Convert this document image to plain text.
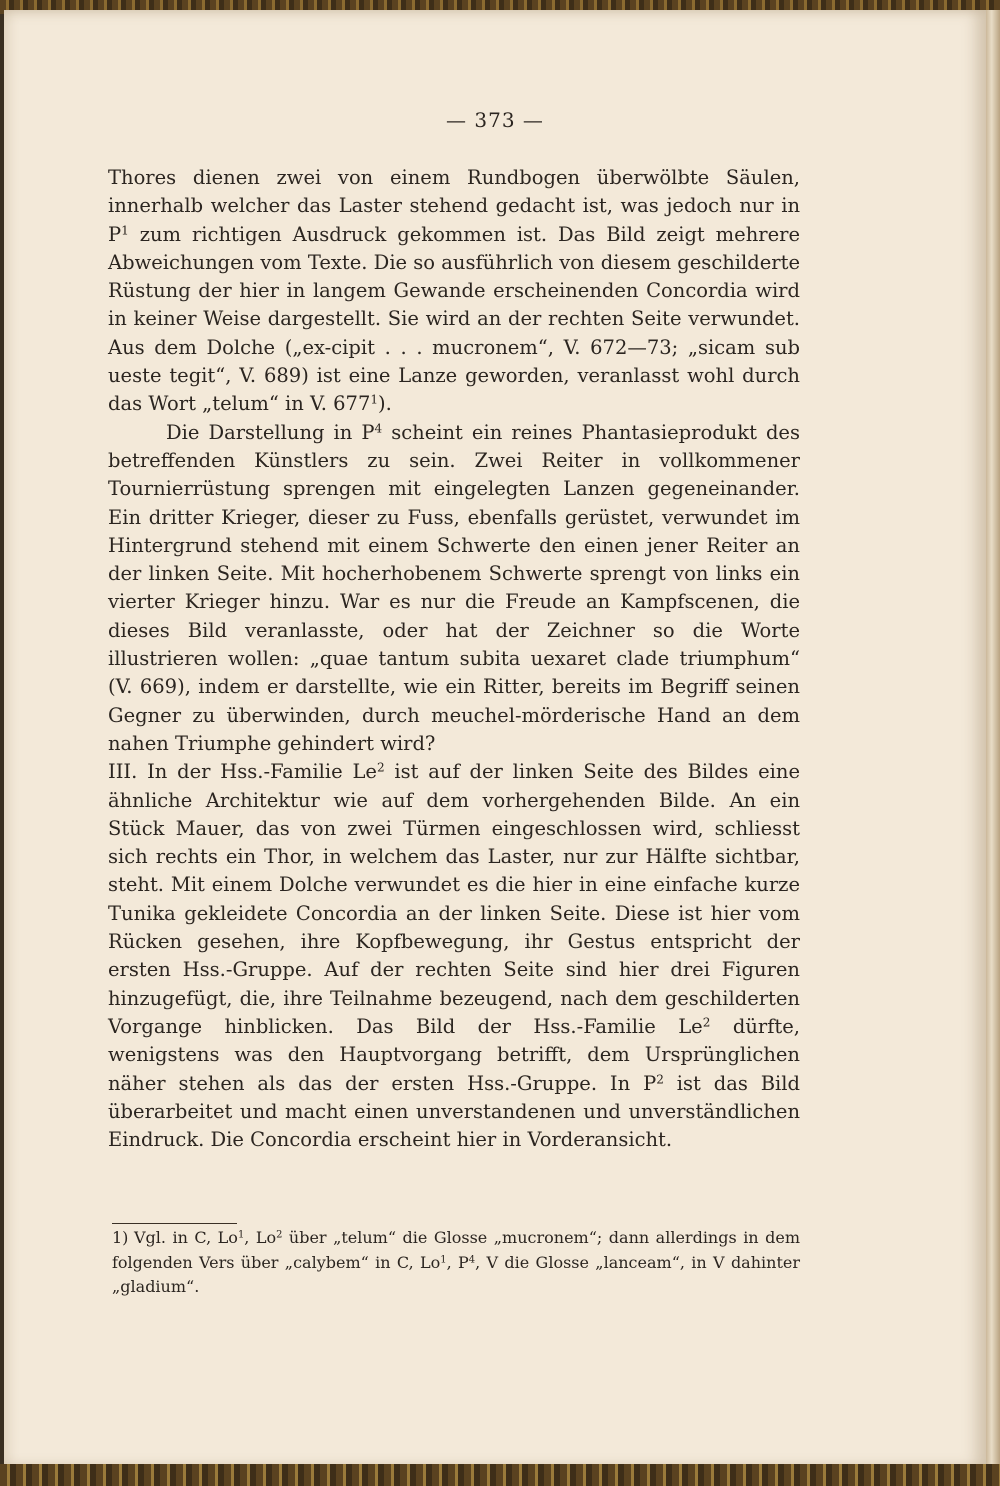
— 373 —

Thores dienen zwei von einem Rundbogen überwölbte Säulen, innerhalb welcher das Laster stehend gedacht ist, was jedoch nur in $P^1$ zum richtigen Ausdruck gekommen ist. Das Bild zeigt mehrere Abweichungen vom Texte. Die so ausführlich von diesem geschilderte Rüstung der hier in langem Gewande erscheinenden Concordia wird in keiner Weise dargestellt. Sie wird an der rechten Seite verwundet. Aus dem Dolche („ex-cipit . . . mucronem“, V. 672—73; „sicam sub ueste tegit“, V. 689) ist eine Lanze geworden, veranlasst wohl durch das Wort „telum“ in V. $677^1$).

Die Darstellung in $P^4$ scheint ein reines Phantasieprodukt des betreffenden Künstlers zu sein. Zwei Reiter in vollkommener Tournierrüstung sprengen mit eingelegten Lanzen gegeneinander. Ein dritter Krieger, dieser zu Fuss, ebenfalls gerüstet, verwundet im Hintergrund stehend mit einem Schwerte den einen jener Reiter an der linken Seite. Mit hocherhobenem Schwerte sprengt von links ein vierter Krieger hinzu. War es nur die Freude an Kampfscenen, die dieses Bild veranlasste, oder hat der Zeichner so die Worte illustrieren wollen: „quae tantum subita uexaret clade triumphum“ (V. 669), indem er darstellte, wie ein Ritter, bereits im Begriff seinen Gegner zu überwinden, durch meuchel-mörderische Hand an dem nahen Triumphe gehindert wird?

III. In der Hss.-Familie Le$^2$ ist auf der linken Seite des Bildes eine ähnliche Architektur wie auf dem vorhergehenden Bilde. An ein Stück Mauer, das von zwei Türmen eingeschlossen wird, schliesst sich rechts ein Thor, in welchem das Laster, nur zur Hälfte sichtbar, steht. Mit einem Dolche verwundet es die hier in eine einfache kurze Tunika gekleidete Concordia an der linken Seite. Diese ist hier vom Rücken gesehen, ihre Kopfbewegung, ihr Gestus entspricht der ersten Hss.-Gruppe. Auf der rechten Seite sind hier drei Figuren hinzugefügt, die, ihre Teilnahme bezeugend, nach dem geschilderten Vorgange hinblicken. Das Bild der Hss.-Familie Le$^2$ dürfte, wenigstens was den Hauptvorgang betrifft, dem Ursprünglichen näher stehen als das der ersten Hss.-Gruppe. In $P^2$ ist das Bild überarbeitet und macht einen unverstandenen und unverständlichen Eindruck. Die Concordia erscheint hier in Vorderansicht.

1) Vgl. in C, Lo$^1$, Lo$^2$ über „telum“ die Glosse „mucronem“; dann allerdings in dem folgenden Vers über „calybem“ in C, Lo$^1$, $P^4$, V die Glosse „lanceam“, in V dahinter „gladium“.
